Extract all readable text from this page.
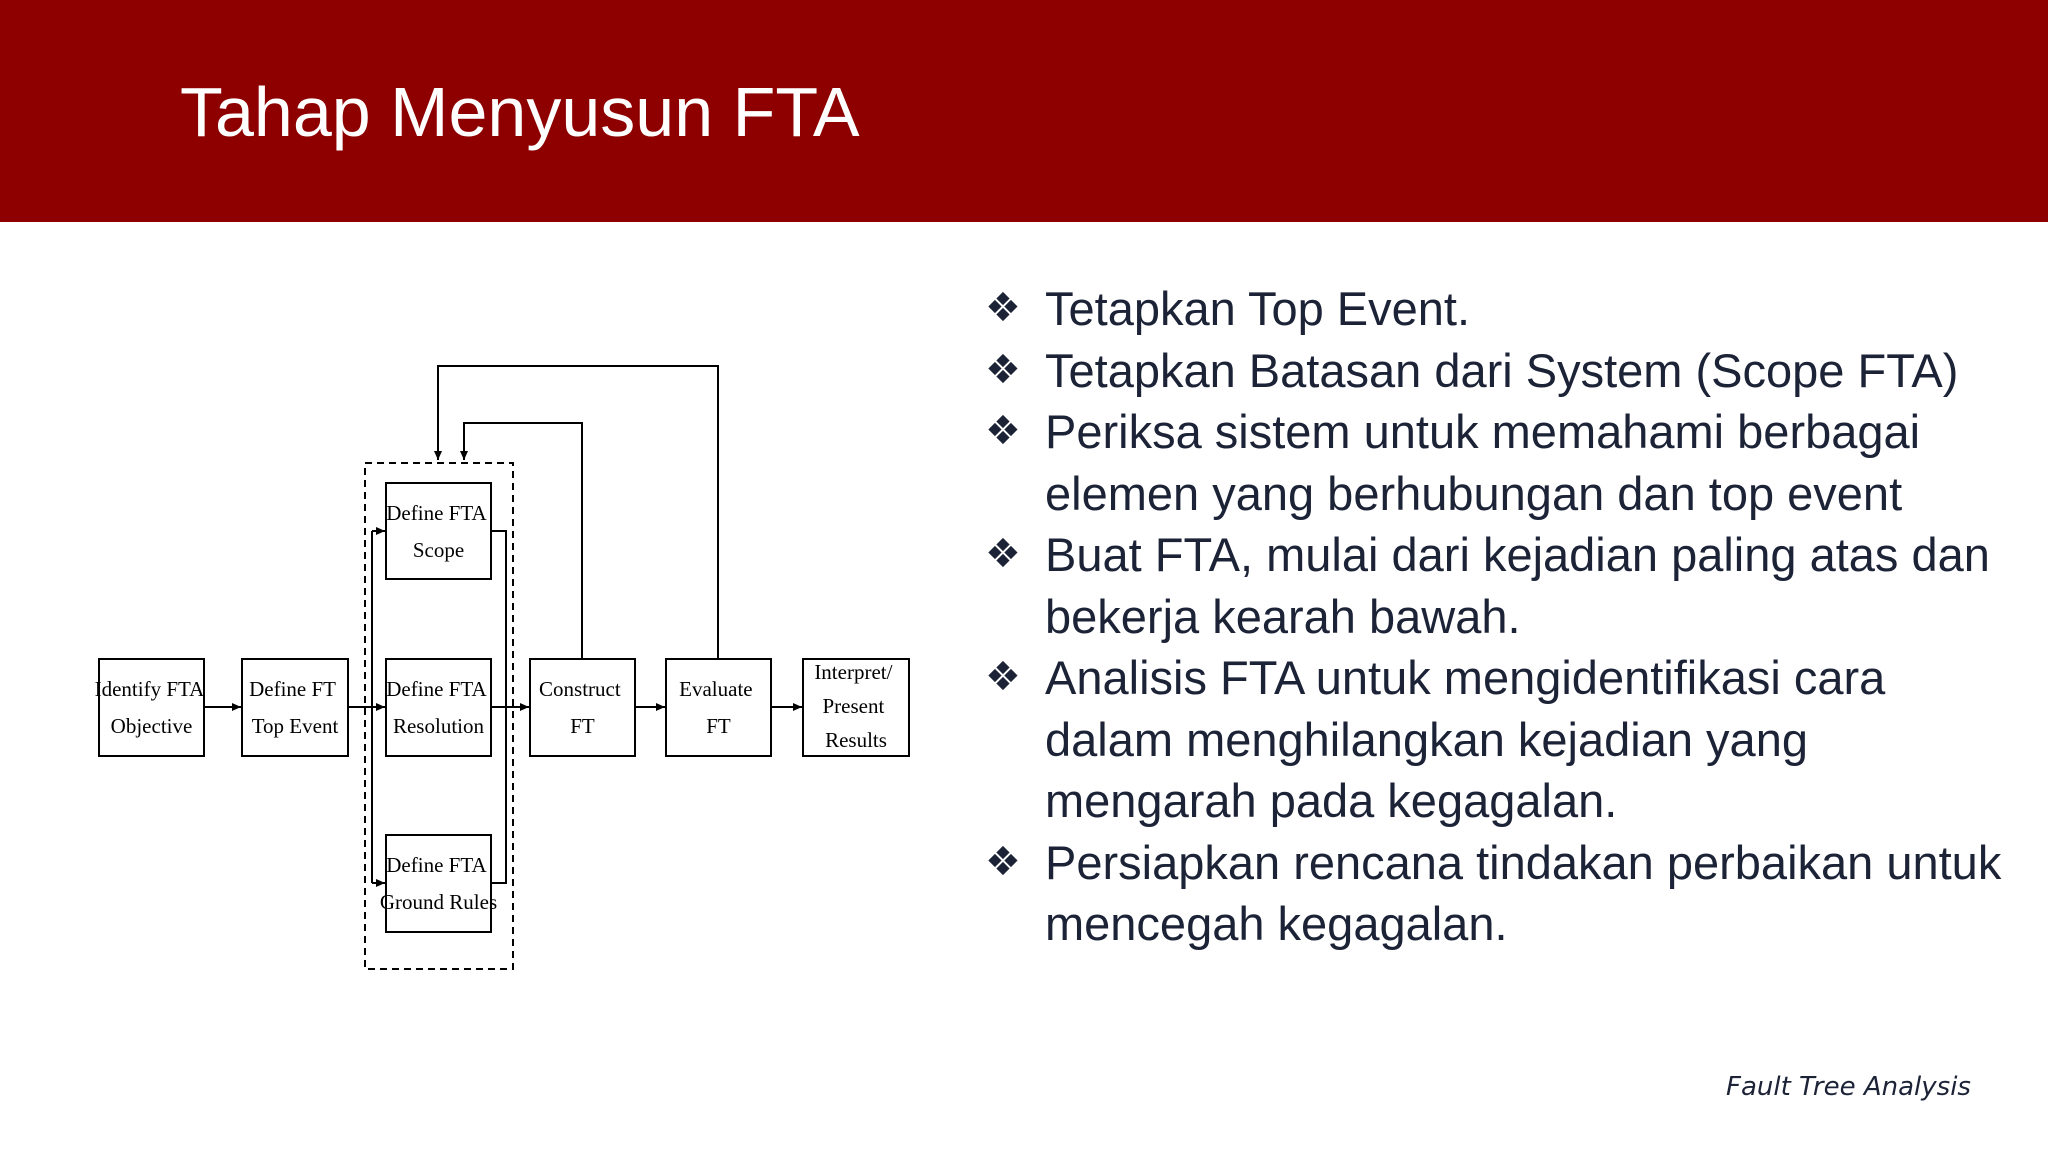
Tahap Menyusun FTA
Identify FTA Objective
Define FT Top Event
Define FTA Scope
Define FTA Resolution
Define FTA Ground Rules
Construct FT
Evaluate FT
Interpret/ Present Results
❖ Tetapkan Top Event.
❖ Tetapkan Batasan dari System (Scope FTA)
❖ Periksa sistem untuk memahami berbagai elemen yang berhubungan dan top event
❖ Buat FTA, mulai dari kejadian paling atas dan bekerja kearah bawah.
❖ Analisis FTA untuk mengidentifikasi cara dalam menghilangkan kejadian yang mengarah pada kegagalan.
❖ Persiapkan rencana tindakan perbaikan untuk mencegah kegagalan.
Fault Tree Analysis
